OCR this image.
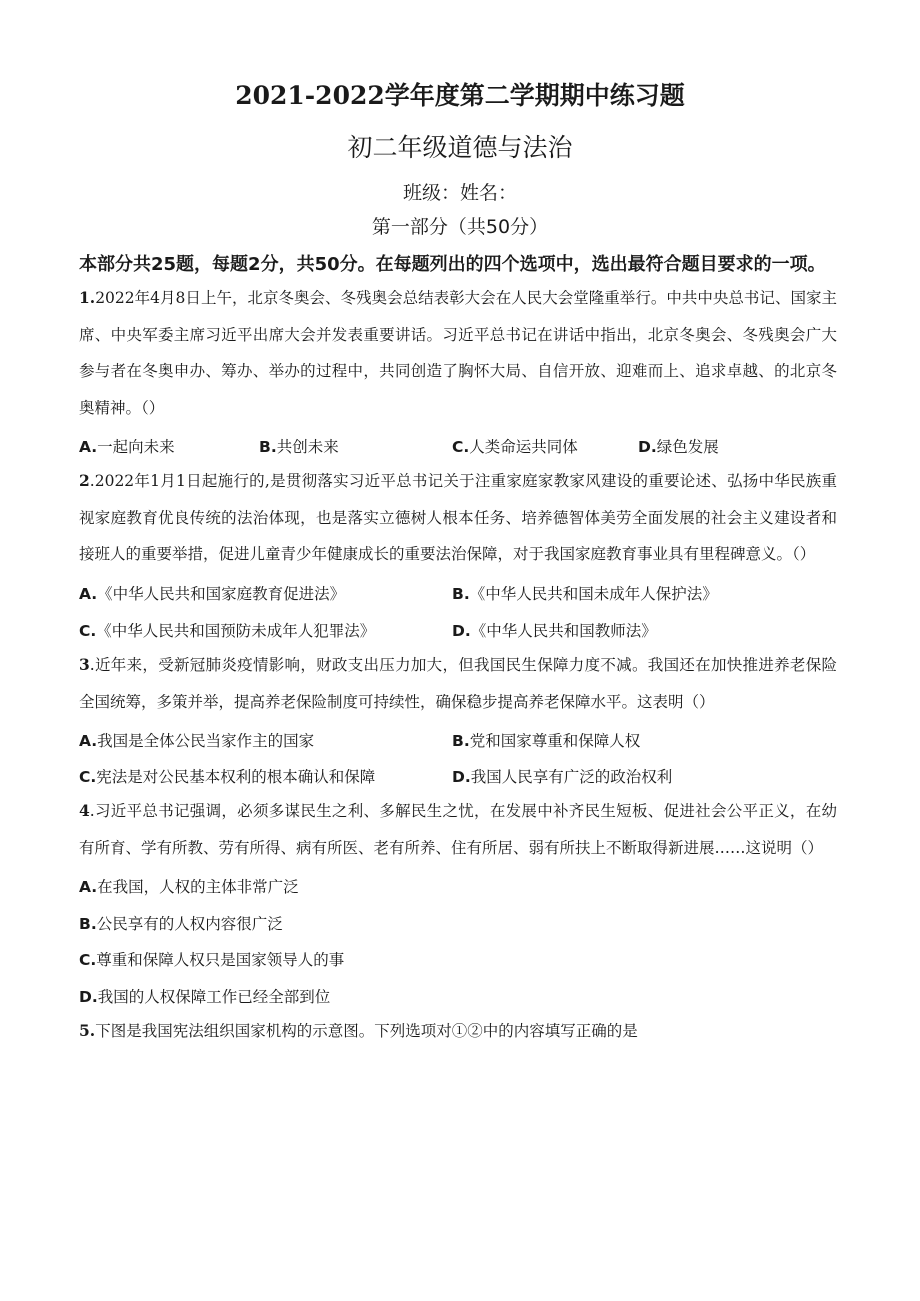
2021-2022学年度第二学期期中练习题
初二年级道德与法治
班级：姓名：
第一部分（共50分）
本部分共25题，每题2分，共50分。在每题列出的四个选项中，选出最符合题目要求的一项。
1.2022年4月8日上午，北京冬奥会、冬残奥会总结表彰大会在人民大会堂隆重举行。中共中央总书记、国家主席、中央军委主席习近平出席大会并发表重要讲话。习近平总书记在讲话中指出，北京冬奥会、冬残奥会广大参与者在冬奥申办、筹办、举办的过程中，共同创造了胸怀大局、自信开放、迎难而上、追求卓越、的北京冬奥精神。（）
A.一起向未来	B.共创未来	C.人类命运共同体	D.绿色发展
2.2022年1月1日起施行的,是贯彻落实习近平总书记关于注重家庭家教家风建设的重要论述、弘扬中华民族重视家庭教育优良传统的法治体现，也是落实立德树人根本任务、培养德智体美劳全面发展的社会主义建设者和接班人的重要举措，促进儿童青少年健康成长的重要法治保障，对于我国家庭教育事业具有里程碑意义。（）
A.《中华人民共和国家庭教育促进法》	B.《中华人民共和国未成年人保护法》
C.《中华人民共和国预防未成年人犯罪法》	D.《中华人民共和国教师法》
3.近年来，受新冠肺炎疫情影响，财政支出压力加大，但我国民生保障力度不减。我国还在加快推进养老保险全国统筹，多策并举，提高养老保险制度可持续性，确保稳步提高养老保障水平。这表明（）
A.我国是全体公民当家作主的国家	B.党和国家尊重和保障人权
C.宪法是对公民基本权利的根本确认和保障	D.我国人民享有广泛的政治权利
4.习近平总书记强调，必须多谋民生之利、多解民生之忧，在发展中补齐民生短板、促进社会公平正义，在幼有所育、学有所教、劳有所得、病有所医、老有所养、住有所居、弱有所扶上不断取得新进展……这说明（）
A.在我国，人权的主体非常广泛
B.公民享有的人权内容很广泛
C.尊重和保障人权只是国家领导人的事
D.我国的人权保障工作已经全部到位
5.下图是我国宪法组织国家机构的示意图。下列选项对①②中的内容填写正确的是
